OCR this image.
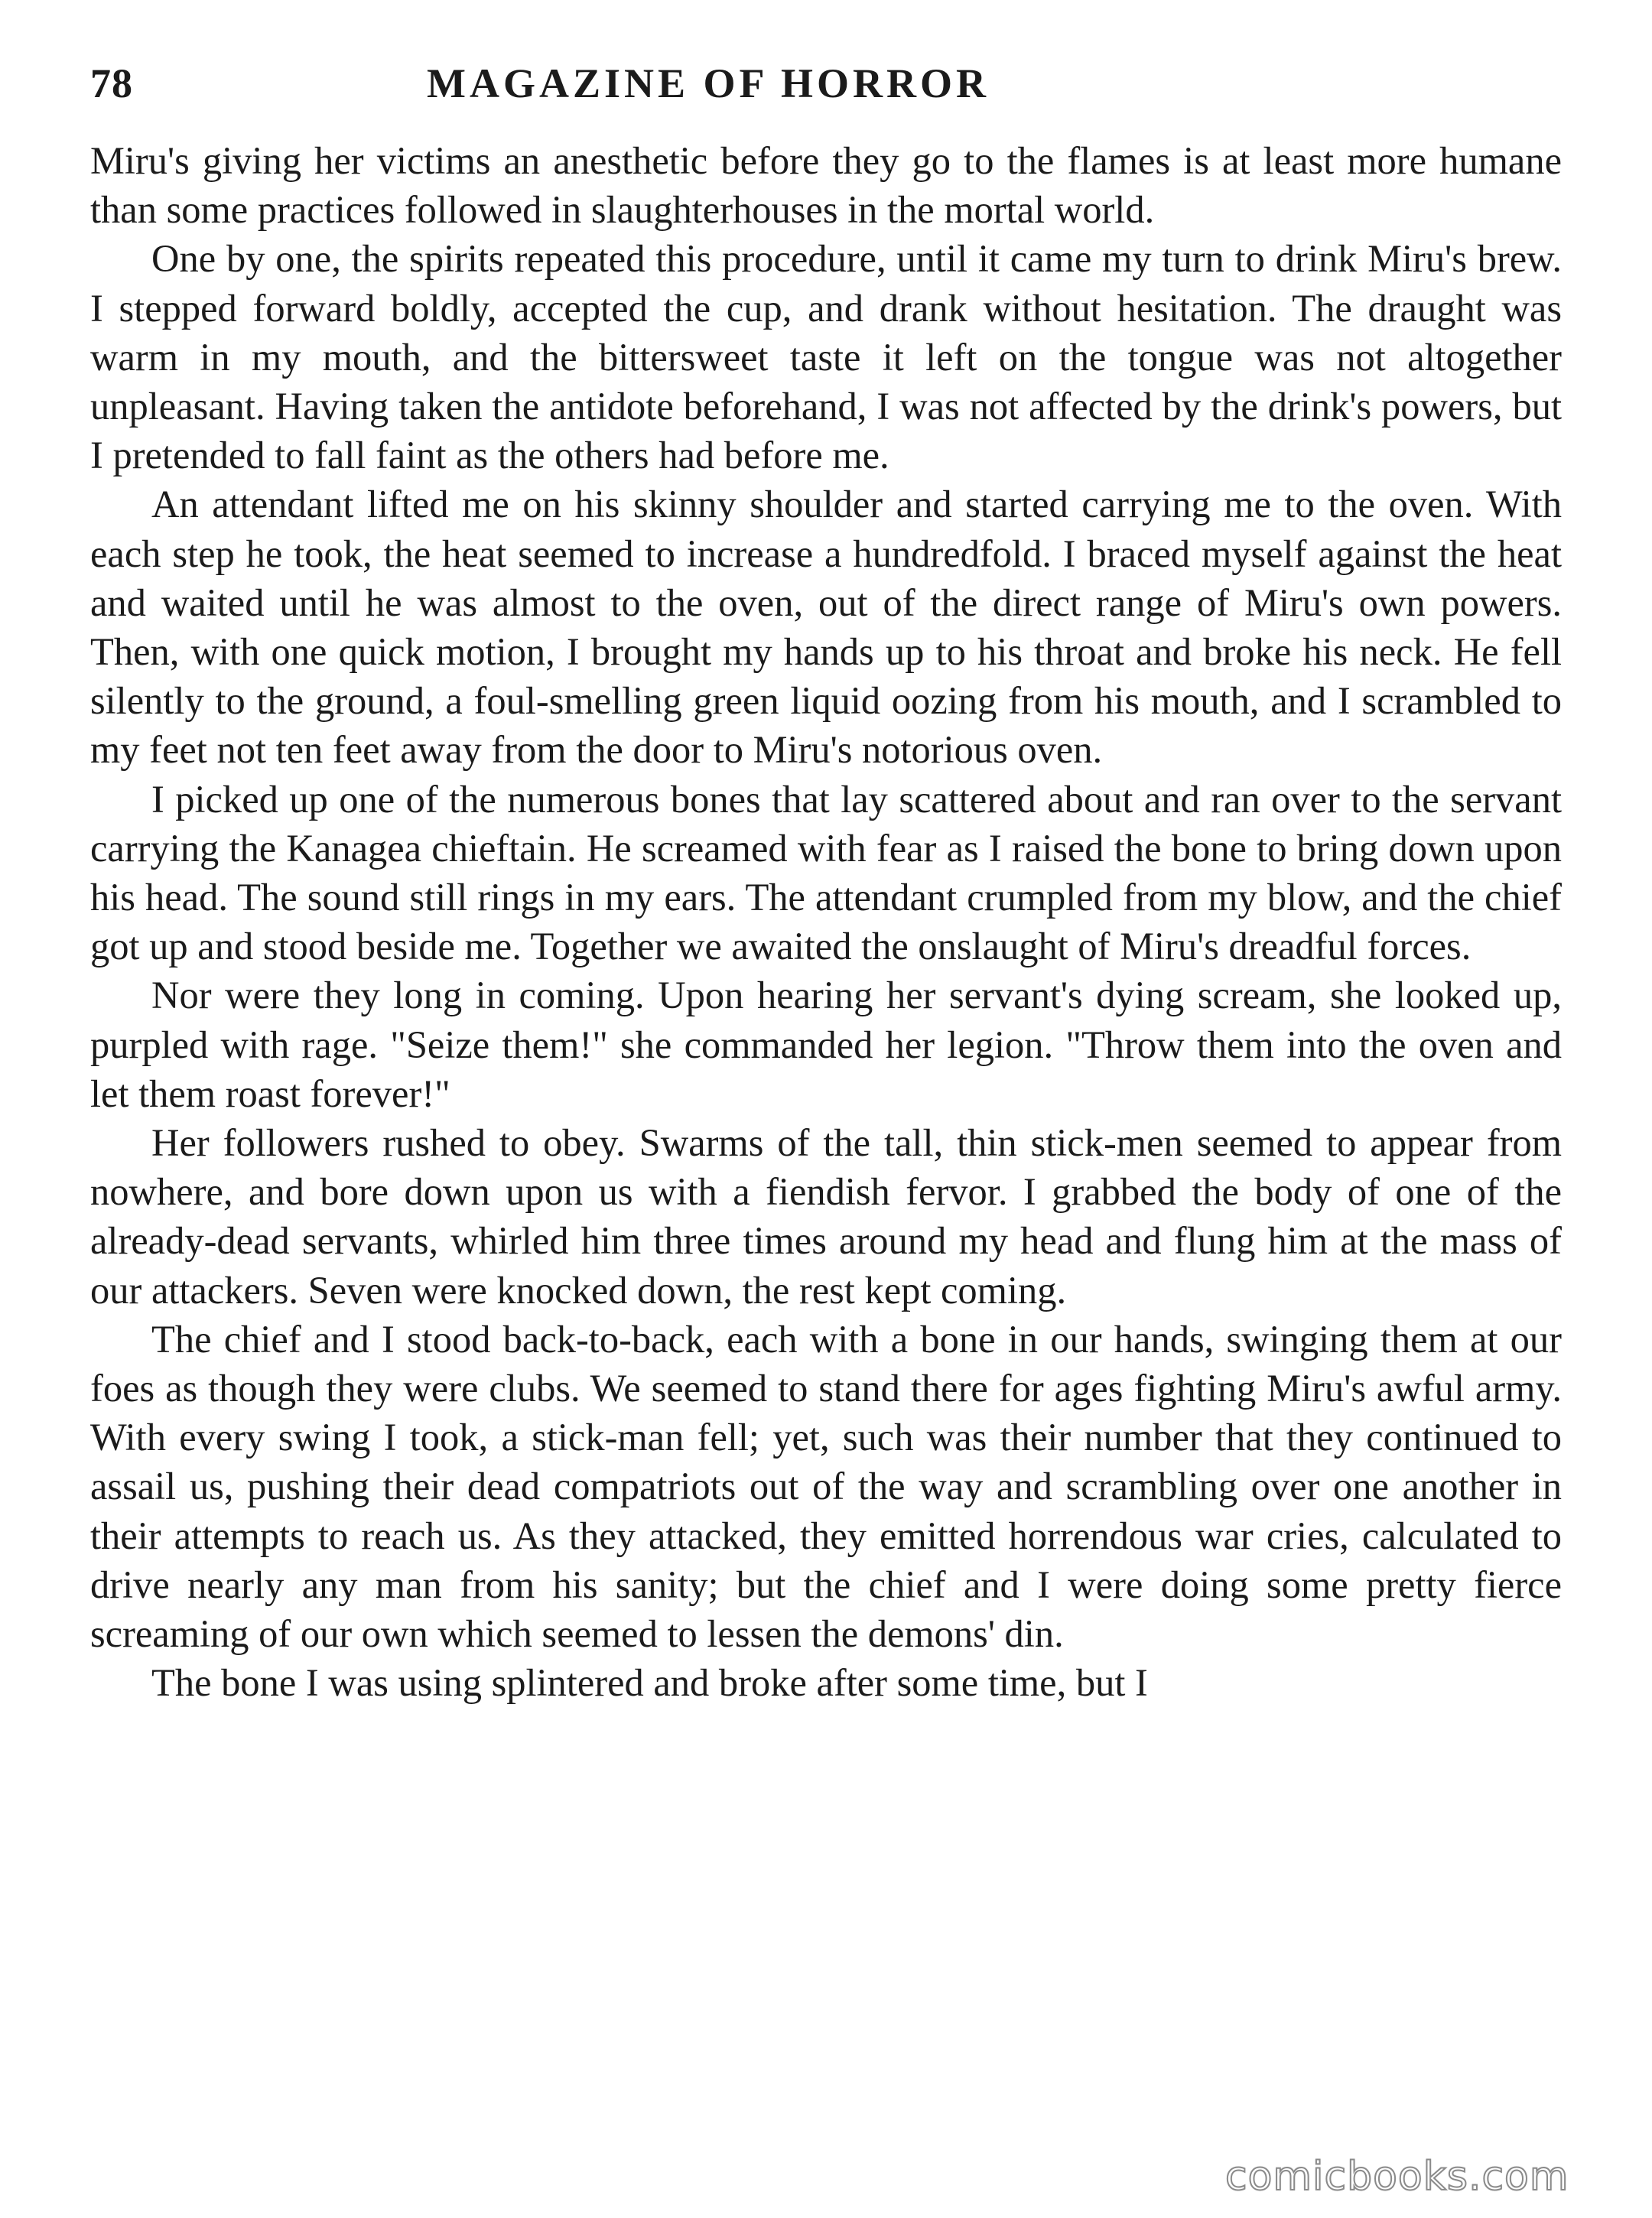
78	MAGAZINE OF HORROR

Miru's giving her victims an anesthetic before they go to the flames is at least more humane than some practices followed in slaughterhouses in the mortal world.

One by one, the spirits repeated this procedure, until it came my turn to drink Miru's brew. I stepped forward boldly, accepted the cup, and drank without hesitation. The draught was warm in my mouth, and the bittersweet taste it left on the tongue was not altogether unpleasant. Having taken the antidote beforehand, I was not affected by the drink's powers, but I pretended to fall faint as the others had before me.

An attendant lifted me on his skinny shoulder and started carrying me to the oven. With each step he took, the heat seemed to increase a hundredfold. I braced myself against the heat and waited until he was almost to the oven, out of the direct range of Miru's own powers. Then, with one quick motion, I brought my hands up to his throat and broke his neck. He fell silently to the ground, a foul-smelling green liquid oozing from his mouth, and I scrambled to my feet not ten feet away from the door to Miru's notorious oven.

I picked up one of the numerous bones that lay scattered about and ran over to the servant carrying the Kanagea chieftain. He screamed with fear as I raised the bone to bring down upon his head. The sound still rings in my ears. The attendant crumpled from my blow, and the chief got up and stood beside me. Together we awaited the onslaught of Miru's dreadful forces.

Nor were they long in coming. Upon hearing her servant's dying scream, she looked up, purpled with rage. "Seize them!" she commanded her legion. "Throw them into the oven and let them roast forever!"

Her followers rushed to obey. Swarms of the tall, thin stick-men seemed to appear from nowhere, and bore down upon us with a fiendish fervor. I grabbed the body of one of the already-dead servants, whirled him three times around my head and flung him at the mass of our attackers. Seven were knocked down, the rest kept coming.

The chief and I stood back-to-back, each with a bone in our hands, swinging them at our foes as though they were clubs. We seemed to stand there for ages fighting Miru's awful army. With every swing I took, a stick-man fell; yet, such was their number that they continued to assail us, pushing their dead compatriots out of the way and scrambling over one another in their attempts to reach us. As they attacked, they emitted horrendous war cries, calculated to drive nearly any man from his sanity; but the chief and I were doing some pretty fierce screaming of our own which seemed to lessen the demons' din.

The bone I was using splintered and broke after some time, but I

comicbooks.com
